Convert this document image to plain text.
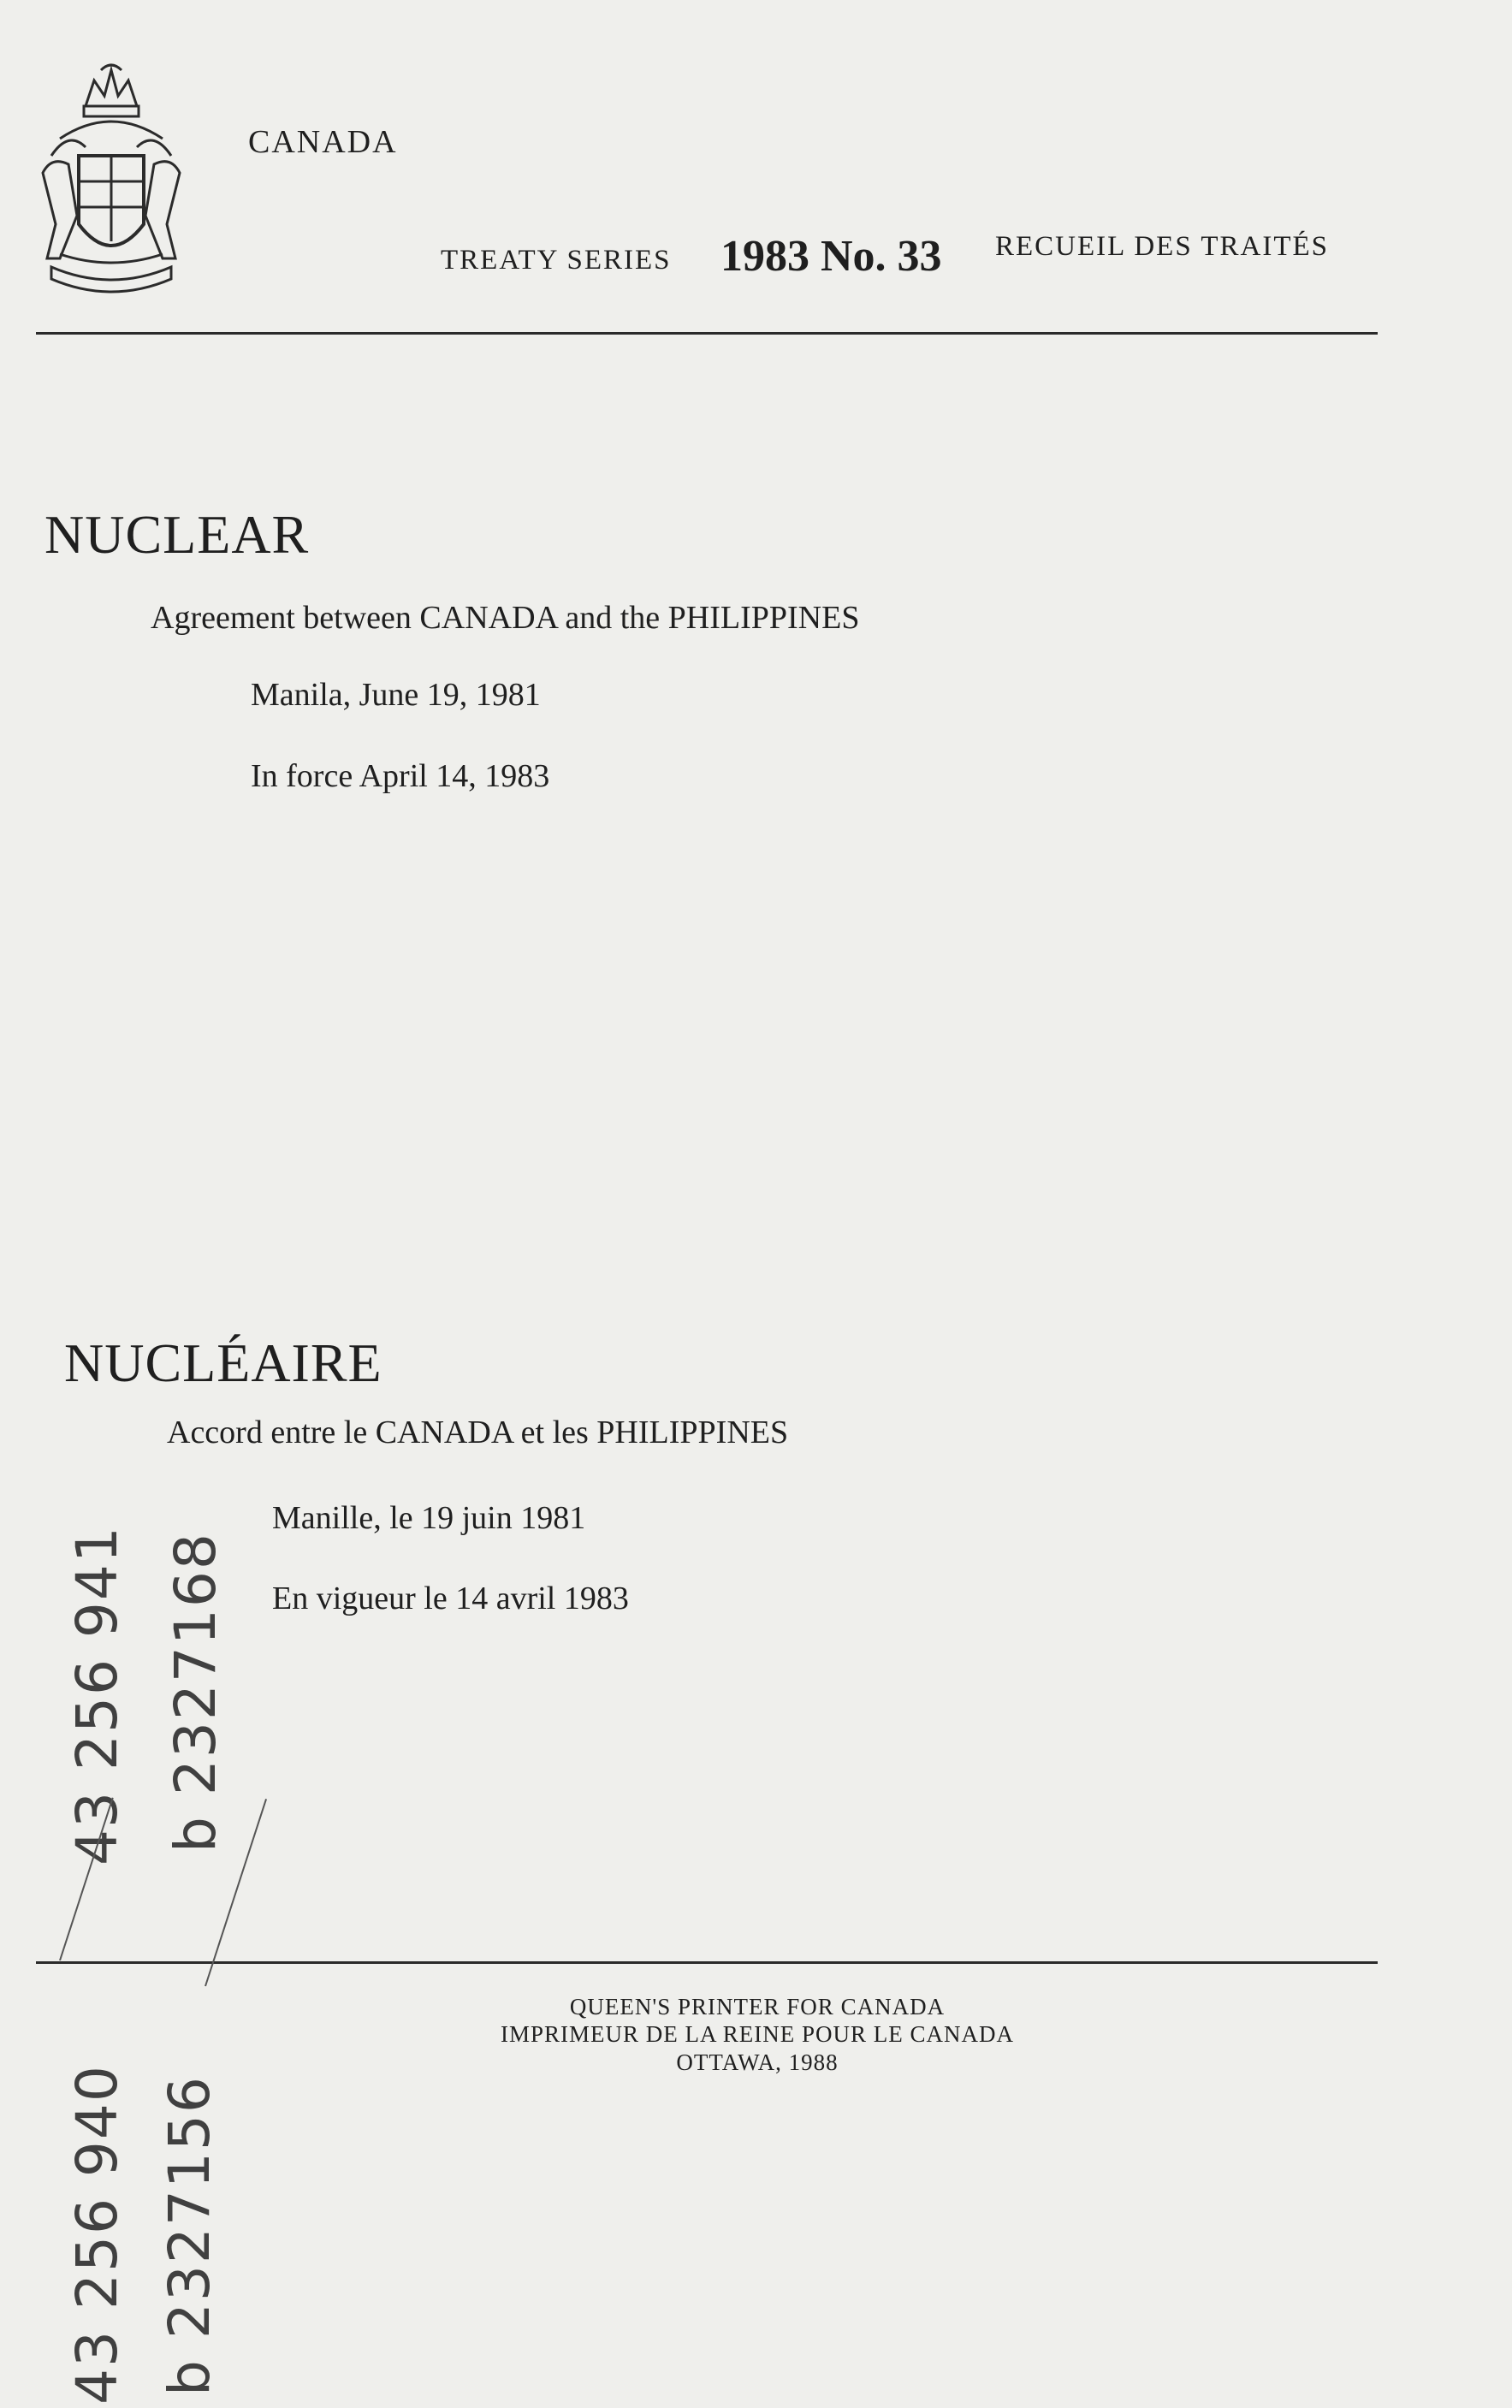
CANADA
TREATY SERIES 1983 No. 33 RECUEIL DES TRAITÉS
NUCLEAR
Agreement between CANADA and the PHILIPPINES
Manila, June 19, 1981
In force April 14, 1983
NUCLÉAIRE
Accord entre le CANADA et les PHILIPPINES
Manille, le 19 juin 1981
En vigueur le 14 avril 1983
QUEEN'S PRINTER FOR CANADA
IMPRIMEUR DE LA REINE POUR LE CANADA
OTTAWA, 1988
43 256 940 b 2327156
43 256 941 b 2327168
